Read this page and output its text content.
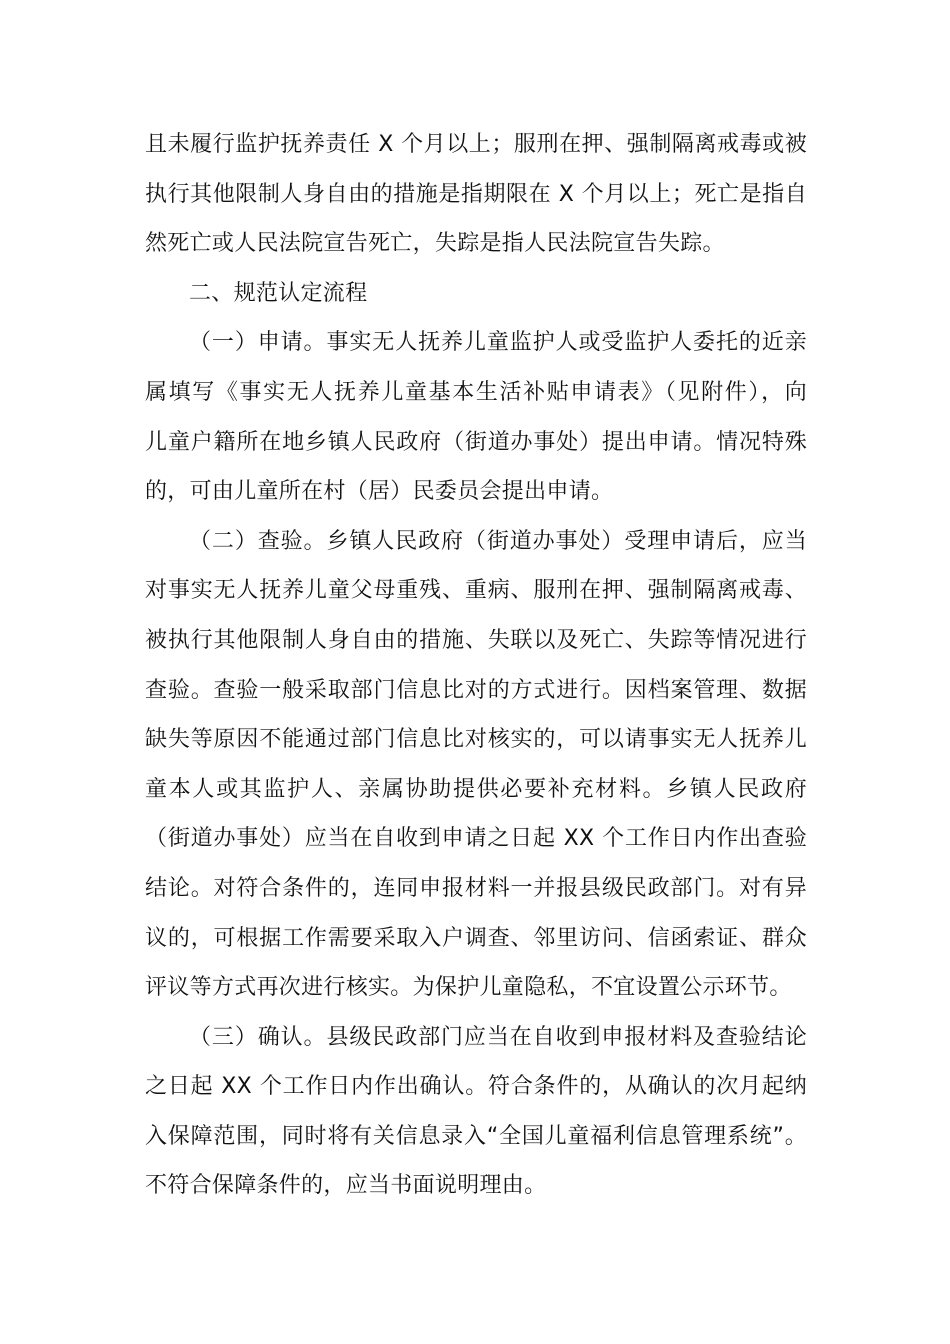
且未履行监护抚养责任 X 个月以上；服刑在押、强制隔离戒毒或被
执行其他限制人身自由的措施是指期限在 X 个月以上；死亡是指自
然死亡或人民法院宣告死亡，失踪是指人民法院宣告失踪。
二、规范认定流程
（一）申请。事实无人抚养儿童监护人或受监护人委托的近亲
属填写《事实无人抚养儿童基本生活补贴申请表》（见附件），向
儿童户籍所在地乡镇人民政府（街道办事处）提出申请。情况特殊
的，可由儿童所在村（居）民委员会提出申请。
（二）查验。乡镇人民政府（街道办事处）受理申请后，应当
对事实无人抚养儿童父母重残、重病、服刑在押、强制隔离戒毒、
被执行其他限制人身自由的措施、失联以及死亡、失踪等情况进行
查验。查验一般采取部门信息比对的方式进行。因档案管理、数据
缺失等原因不能通过部门信息比对核实的，可以请事实无人抚养儿
童本人或其监护人、亲属协助提供必要补充材料。乡镇人民政府
（街道办事处）应当在自收到申请之日起 XX 个工作日内作出查验
结论。对符合条件的，连同申报材料一并报县级民政部门。对有异
议的，可根据工作需要采取入户调查、邻里访问、信函索证、群众
评议等方式再次进行核实。为保护儿童隐私，不宜设置公示环节。
（三）确认。县级民政部门应当在自收到申报材料及查验结论
之日起 XX 个工作日内作出确认。符合条件的，从确认的次月起纳
入保障范围，同时将有关信息录入“全国儿童福利信息管理系统”。
不符合保障条件的，应当书面说明理由。
